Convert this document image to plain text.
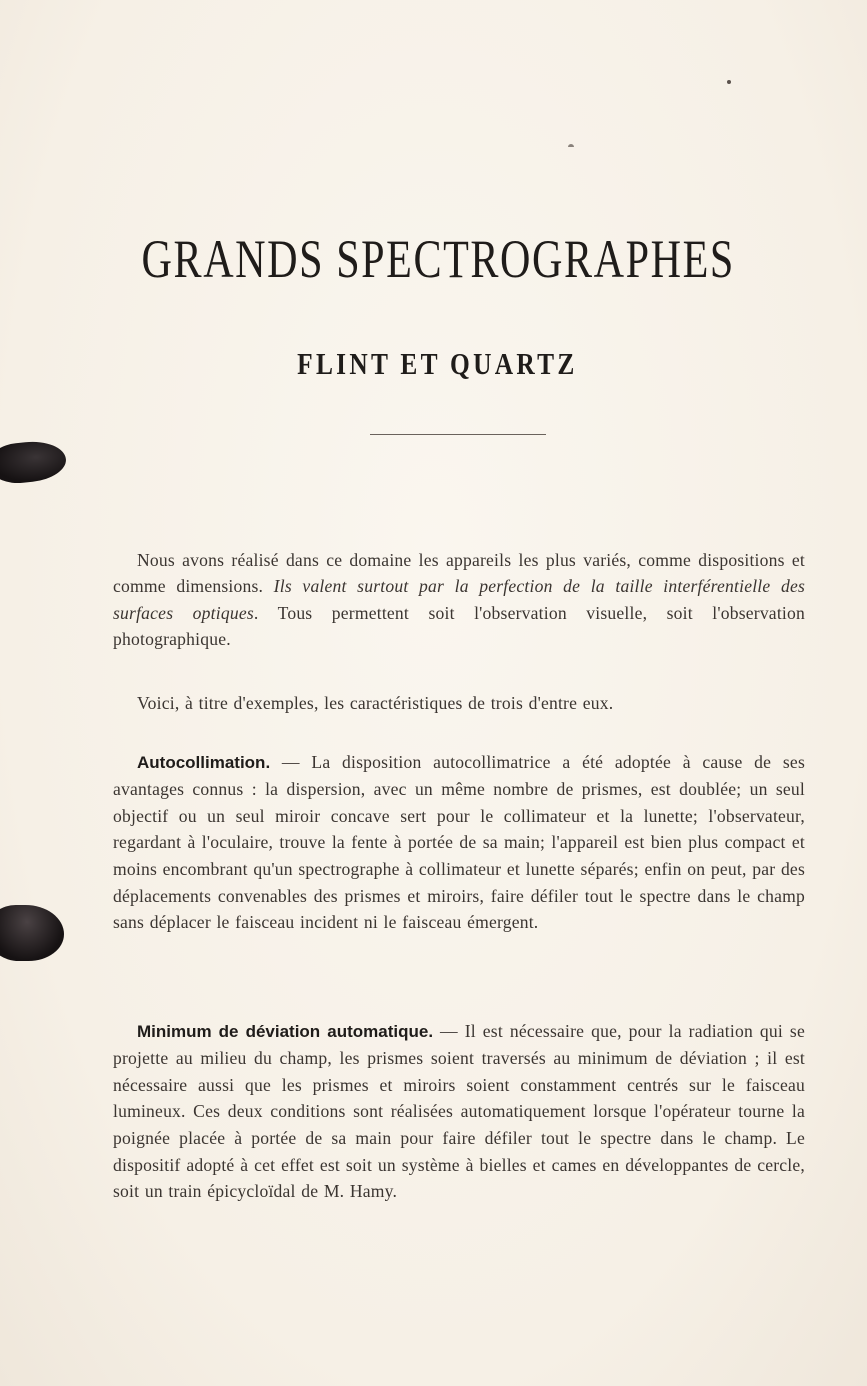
GRANDS SPECTROGRAPHES
FLINT ET QUARTZ

Nous avons réalisé dans ce domaine les appareils les plus variés, comme dispositions et comme dimensions. Ils valent surtout par la perfection de la taille interférentielle des surfaces optiques. Tous permettent soit l'observation visuelle, soit l'observation photographique.

Voici, à titre d'exemples, les caractéristiques de trois d'entre eux.

Autocollimation. — La disposition autocollimatrice a été adoptée à cause de ses avantages connus : la dispersion, avec un même nombre de prismes, est doublée; un seul objectif ou un seul miroir concave sert pour le collimateur et la lunette; l'observateur, regardant à l'oculaire, trouve la fente à portée de sa main; l'appareil est bien plus compact et moins encombrant qu'un spectrographe à collimateur et lunette séparés; enfin on peut, par des déplacements convenables des prismes et miroirs, faire défiler tout le spectre dans le champ sans déplacer le faisceau incident ni le faisceau émergent.

Minimum de déviation automatique. — Il est nécessaire que, pour la radiation qui se projette au milieu du champ, les prismes soient traversés au minimum de déviation ; il est nécessaire aussi que les prismes et miroirs soient constamment centrés sur le faisceau lumineux. Ces deux conditions sont réalisées automatiquement lorsque l'opérateur tourne la poignée placée à portée de sa main pour faire défiler tout le spectre dans le champ. Le dispositif adopté à cet effet est soit un système à bielles et cames en développantes de cercle, soit un train épicycloïdal de M. Hamy.
